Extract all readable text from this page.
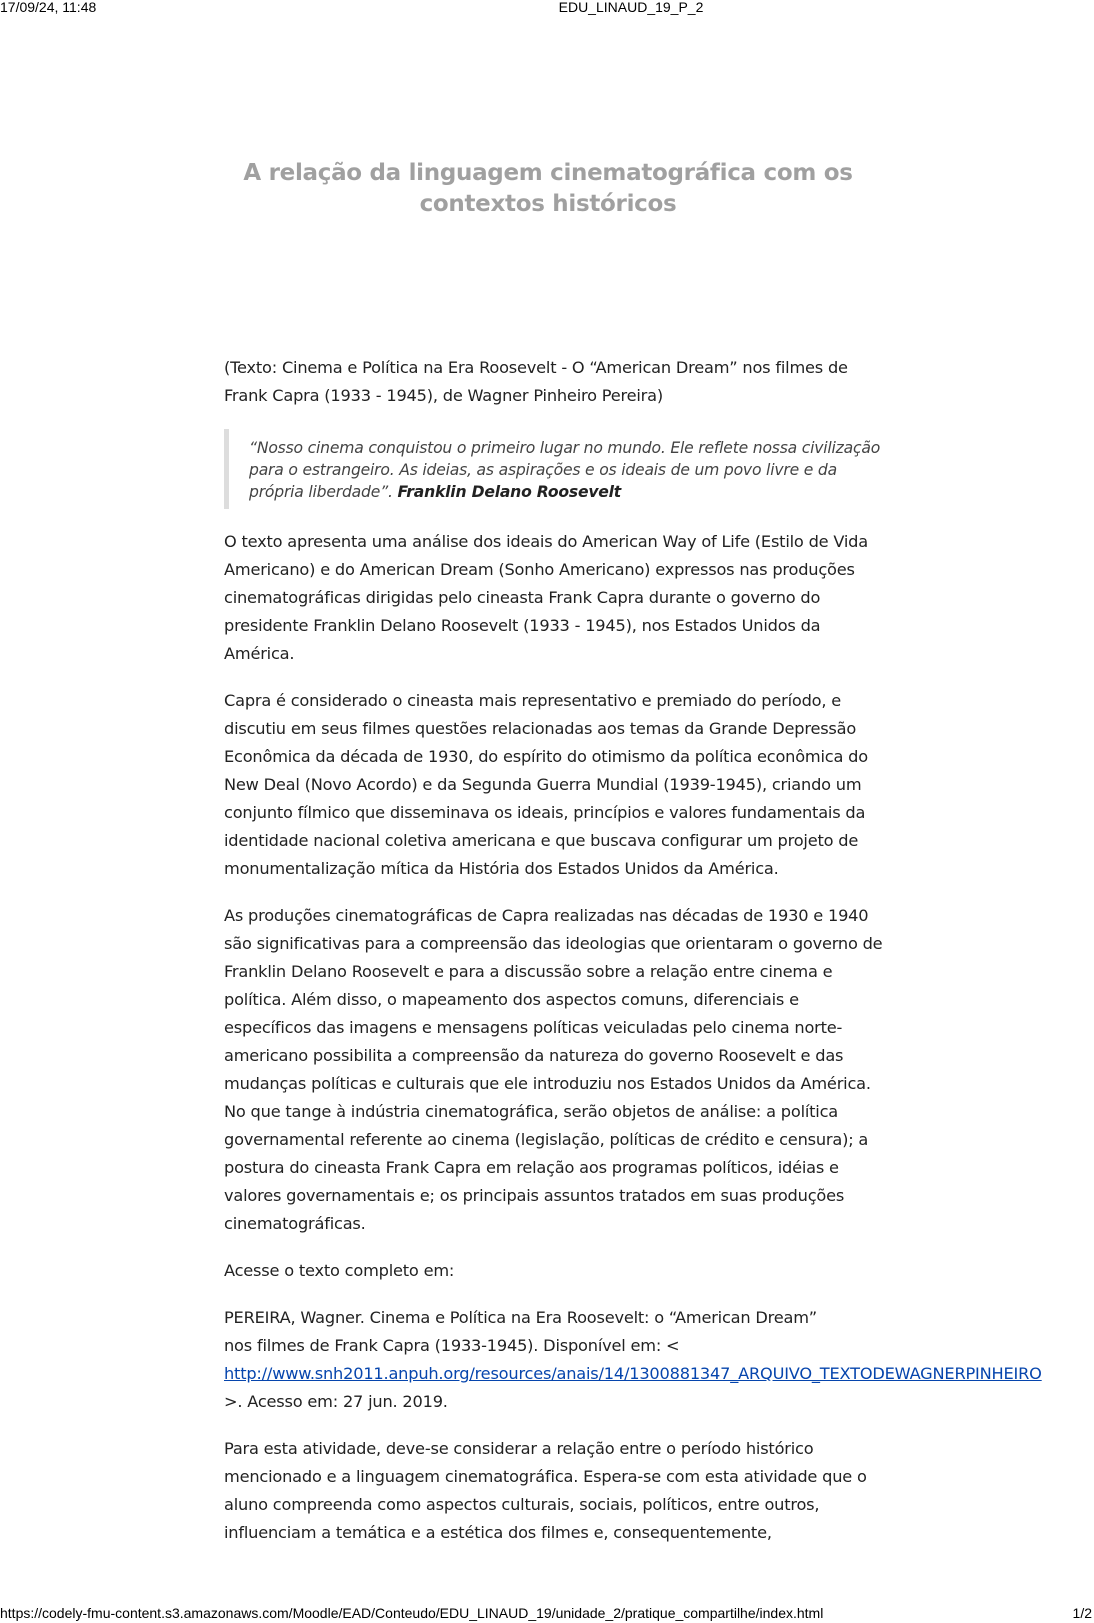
17/09/24, 11:48	EDU_LINAUD_19_P_2
A relação da linguagem cinematográfica com os contextos históricos

(Texto: Cinema e Política na Era Roosevelt - O “American Dream” nos filmes de Frank Capra (1933 - 1945), de Wagner Pinheiro Pereira)

“Nosso cinema conquistou o primeiro lugar no mundo. Ele reflete nossa civilização para o estrangeiro. As ideias, as aspirações e os ideais de um povo livre e da própria liberdade”. Franklin Delano Roosevelt

O texto apresenta uma análise dos ideais do American Way of Life (Estilo de Vida Americano) e do American Dream (Sonho Americano) expressos nas produções cinematográficas dirigidas pelo cineasta Frank Capra durante o governo do presidente Franklin Delano Roosevelt (1933 - 1945), nos Estados Unidos da América.

Capra é considerado o cineasta mais representativo e premiado do período, e discutiu em seus filmes questões relacionadas aos temas da Grande Depressão Econômica da década de 1930, do espírito do otimismo da política econômica do New Deal (Novo Acordo) e da Segunda Guerra Mundial (1939-1945), criando um conjunto fílmico que disseminava os ideais, princípios e valores fundamentais da identidade nacional coletiva americana e que buscava configurar um projeto de monumentalização mítica da História dos Estados Unidos da América.

As produções cinematográficas de Capra realizadas nas décadas de 1930 e 1940 são significativas para a compreensão das ideologias que orientaram o governo de Franklin Delano Roosevelt e para a discussão sobre a relação entre cinema e política. Além disso, o mapeamento dos aspectos comuns, diferenciais e específicos das imagens e mensagens políticas veiculadas pelo cinema norte-americano possibilita a compreensão da natureza do governo Roosevelt e das mudanças políticas e culturais que ele introduziu nos Estados Unidos da América. No que tange à indústria cinematográfica, serão objetos de análise: a política governamental referente ao cinema (legislação, políticas de crédito e censura); a postura do cineasta Frank Capra em relação aos programas políticos, idéias e valores governamentais e; os principais assuntos tratados em suas produções cinematográficas.

Acesse o texto completo em:

PEREIRA, Wagner. Cinema e Política na Era Roosevelt: o “American Dream”

nos filmes de Frank Capra (1933-1945). Disponível em: <

http://www.snh2011.anpuh.org/resources/anais/14/1300881347_ARQUIVO_TEXTODEWAGNERPINHEIRO

>. Acesso em: 27 jun. 2019.

Para esta atividade, deve-se considerar a relação entre o período histórico mencionado e a linguagem cinematográfica. Espera-se com esta atividade que o aluno compreenda como aspectos culturais, sociais, políticos, entre outros, influenciam a temática e a estética dos filmes e, consequentemente,

https://codely-fmu-content.s3.amazonaws.com/Moodle/EAD/Conteudo/EDU_LINAUD_19/unidade_2/pratique_compartilhe/index.html	1/2
